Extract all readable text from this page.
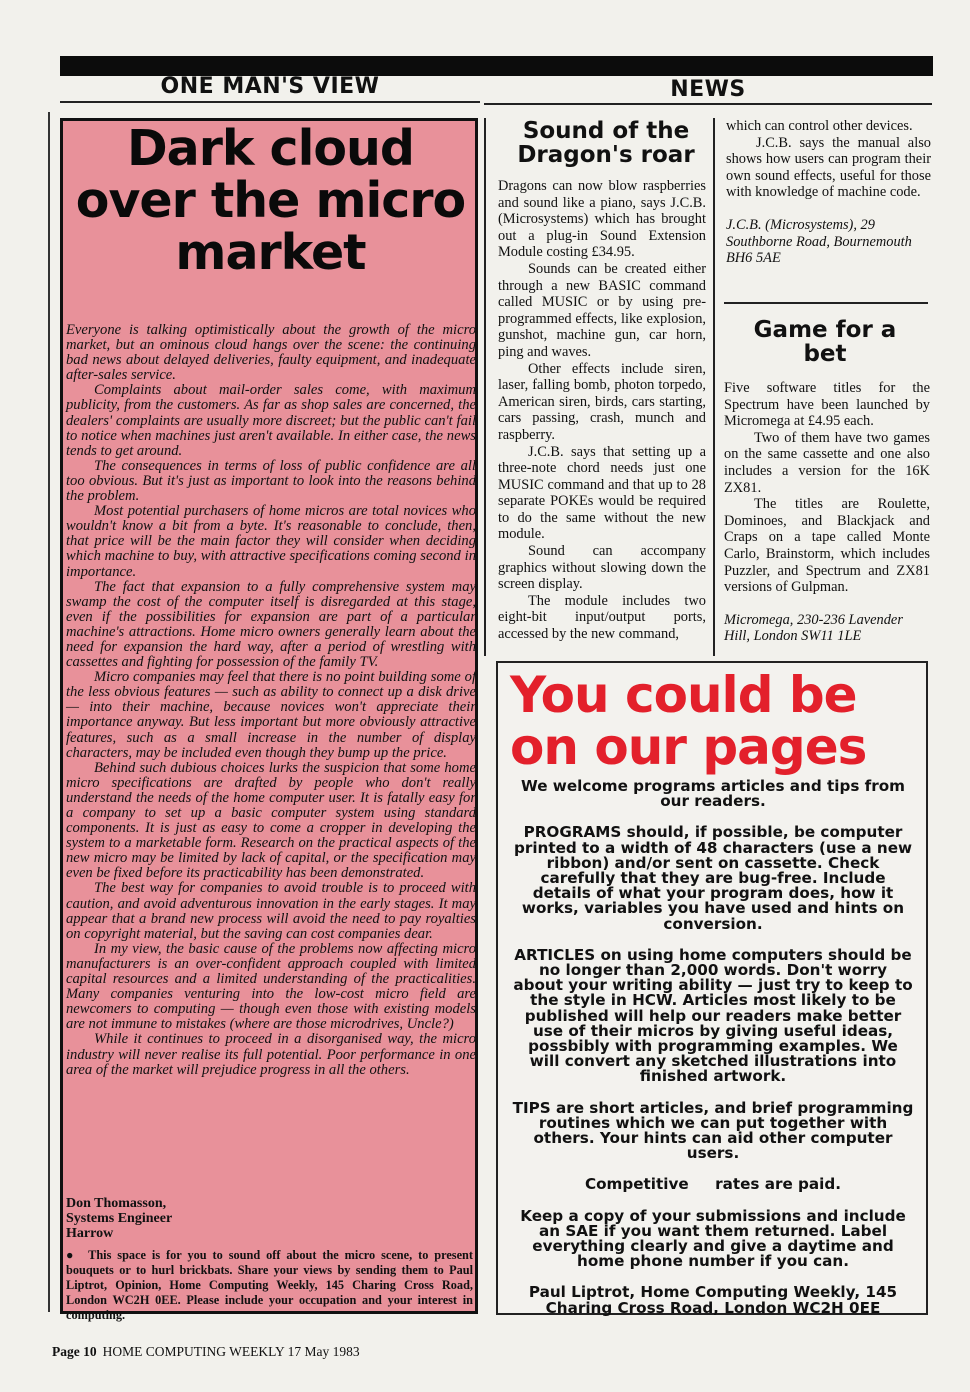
ONE MAN'S VIEW	NEWS
Dark cloud over the micro market

Everyone is talking optimistically about the growth of the micro market, but an ominous cloud hangs over the scene: the continuing bad news about delayed deliveries, faulty equipment, and inadequate after-sales service.

Complaints about mail-order sales come, with maximum publicity, from the customers. As far as shop sales are concerned, the dealers' complaints are usually more discreet; but the public can't fail to notice when machines just aren't available. In either case, the news tends to get around.

The consequences in terms of loss of public confidence are all too obvious. But it's just as important to look into the reasons behind the problem.

Most potential purchasers of home micros are total novices who wouldn't know a bit from a byte. It's reasonable to conclude, then, that price will be the main factor they will consider when deciding which machine to buy, with attractive specifications coming second in importance.

The fact that expansion to a fully comprehensive system may swamp the cost of the computer itself is disregarded at this stage, even if the possibilities for expansion are part of a particular machine's attractions. Home micro owners generally learn about the need for expansion the hard way, after a period of wrestling with cassettes and fighting for possession of the family TV.

Micro companies may feel that there is no point building some of the less obvious features — such as ability to connect up a disk drive — into their machine, because novices won't appreciate their importance anyway. But less important but more obviously attractive features, such as a small increase in the number of display characters, may be included even though they bump up the price.

Behind such dubious choices lurks the suspicion that some home micro specifications are drafted by people who don't really understand the needs of the home computer user. It is fatally easy for a company to set up a basic computer system using standard components. It is just as easy to come a cropper in developing the system to a marketable form. Research on the practical aspects of the new micro may be limited by lack of capital, or the specification may even be fixed before its practicability has been demonstrated.

The best way for companies to avoid trouble is to proceed with caution, and avoid adventurous innovation in the early stages. It may appear that a brand new process will avoid the need to pay royalties on copyright material, but the saving can cost companies dear.

In my view, the basic cause of the problems now affecting micro manufacturers is an over-confident approach coupled with limited capital resources and a limited understanding of the practicalities. Many companies venturing into the low-cost micro field are newcomers to computing — though even those with existing models are not immune to mistakes (where are those microdrives, Uncle?)

While it continues to proceed in a disorganised way, the micro industry will never realise its full potential. Poor performance in one area of the market will prejudice progress in all the others.

Don Thomasson,
Systems Engineer
Harrow
●  This space is for you to sound off about the micro scene, to present bouquets or to hurl brickbats. Share your views by sending them to Paul Liptrot, Opinion, Home Computing Weekly, 145 Charing Cross Road, London WC2H 0EE. Please include your occupation and your interest in computing.
Sound of the Dragon's roar

Dragons can now blow raspberries and sound like a piano, says J.C.B. (Microsystems) which has brought out a plug-in Sound Extension Module costing £34.95.

Sounds can be created either through a new BASIC command called MUSIC or by using pre-programmed effects, like explosion, gunshot, machine gun, car horn, ping and waves.

Other effects include siren, laser, falling bomb, photon torpedo, American siren, birds, cars starting, cars passing, crash, munch and raspberry.

J.C.B. says that setting up a three-note chord needs just one MUSIC command and that up to 28 separate POKEs would be required to do the same without the new module.

Sound can accompany graphics without slowing down the screen display.

The module includes two eight-bit input/output ports, accessed by the new command,

which can control other devices.

J.C.B. says the manual also shows how users can program their own sound effects, useful for those with knowledge of machine code.

J.C.B. (Microsystems), 29 Southborne Road, Bournemouth BH6 5AE

Game for a bet

Five software titles for the Spectrum have been launched by Micromega at £4.95 each.

Two of them have two games on the same cassette and one also includes a version for the 16K ZX81.

The titles are Roulette, Dominoes, and Blackjack and Craps on a tape called Monte Carlo, Brainstorm, which includes Puzzler, and Spectrum and ZX81 versions of Gulpman.

Micromega, 230-236 Lavender Hill, London SW11 1LE

You could be on our pages

We welcome programs articles and tips from our readers.

PROGRAMS should, if possible, be computer printed to a width of 48 characters (use a new ribbon) and/or sent on cassette. Check carefully that they are bug-free. Include details of what your program does, how it works, variables you have used and hints on conversion.

ARTICLES on using home computers should be no longer than 2,000 words. Don't worry about your writing ability — just try to keep to the style in HCW. Articles most likely to be published will help our readers make better use of their micros by giving useful ideas, possbibly with programming examples. We will convert any sketched illustrations into finished artwork.

TIPS are short articles, and brief programming routines which we can put together with others. Your hints can aid other computer users.

Competitive     rates are paid.

Keep a copy of your submissions and include an SAE if you want them returned. Label everything clearly and give a daytime and home phone number if you can.

Paul Liptrot, Home Computing Weekly, 145 Charing Cross Road, London WC2H 0EE

Page 10 HOME COMPUTING WEEKLY 17 May 1983
